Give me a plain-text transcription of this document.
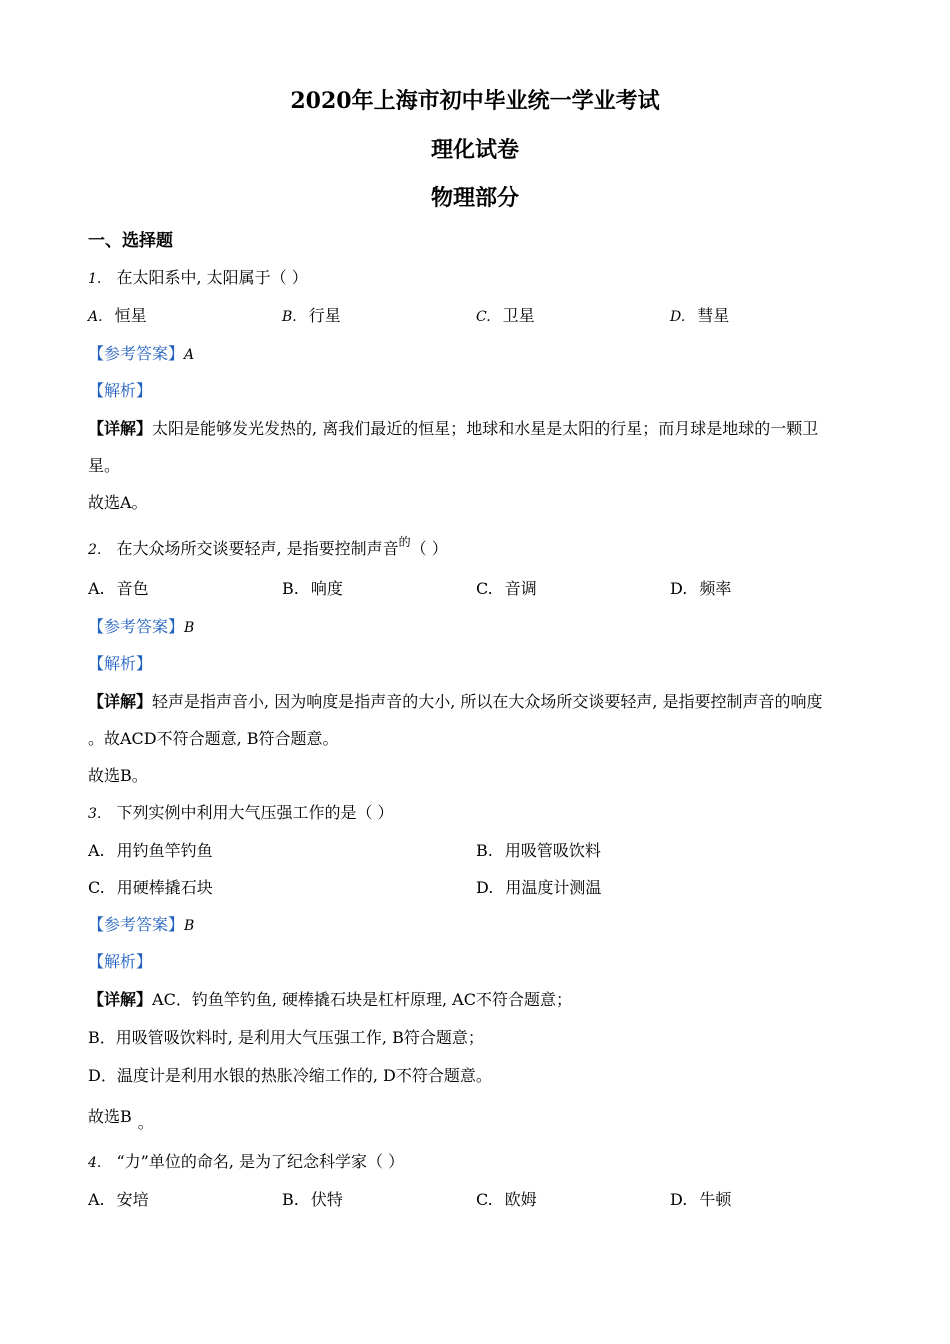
2020年上海市初中毕业统一学业考试
理化试卷
物理部分
一、选择题
1. 在太阳系中, 太阳属于（ ）
A. 恒星	B. 行星	C. 卫星	D. 彗星
【参考答案】A
【解析】
【详解】太阳是能够发光发热的, 离我们最近的恒星；地球和水星是太阳的行星；而月球是地球的一颗卫
星。
故选A。
2. 在大众场所交谈要轻声, 是指要控制声音$^的$（ ）
A. 音色	B. 响度	C. 音调	D. 频率
【参考答案】B
【解析】
【详解】轻声是指声音小, 因为响度是指声音的大小, 所以在大众场所交谈要轻声, 是指要控制声音的响度
。故ACD不符合题意, B符合题意。
故选B。
3. 下列实例中利用大气压强工作的是（ ）
A. 用钓鱼竿钓鱼	B. 用吸管吸饮料
C. 用硬棒撬石块	D. 用温度计测温
【参考答案】B
【解析】
【详解】AC．钓鱼竿钓鱼, 硬棒撬石块是杠杆原理, AC不符合题意；
B．用吸管吸饮料时, 是利用大气压强工作, B符合题意；
D．温度计是利用水银的热胀冷缩工作的, D不符合题意。
故选B 。
4. “力”单位的命名, 是为了纪念科学家（ ）
A. 安培	B. 伏特	C. 欧姆	D. 牛顿
